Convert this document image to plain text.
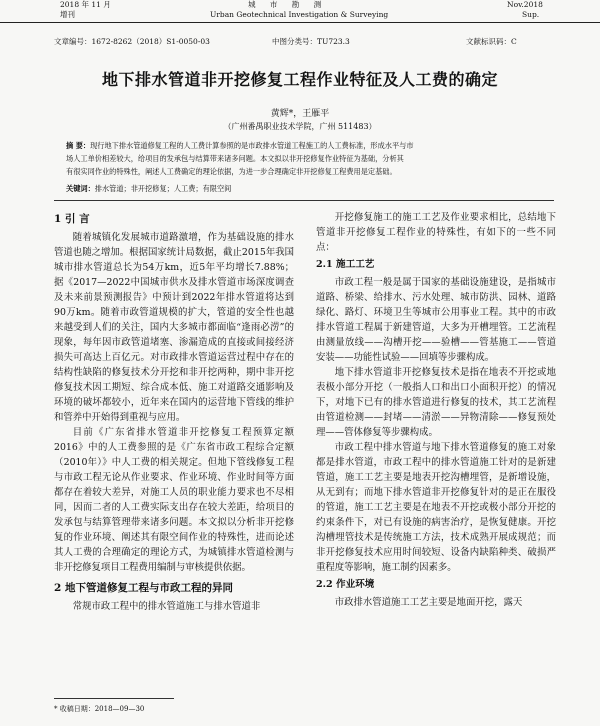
2018 年 11 月
增刊
城 市 勘 测
Urban Geotechnical Investigation & Surveying
Nov.2018
Sup.
文章编号：1672-8262（2018）S1-0050-03	中图分类号：TU723.3	文献标识码：C
地下排水管道非开挖修复工程作业特征及人工费的确定
黄辉*，王雁平
（广州番禺职业技术学院，广州 511483）
摘 要：现行地下排水管道修复工程的人工费计算参照的是市政排水管道工程施工的人工费标准，形成水平与市
场人工单价相差较大，给项目的发承包与结算带来诸多问题。本文拟以非开挖修复作业特征为基础，分析其
有很实同作业的特殊性，阐述人工费确定的理论依据，为进一步合理确定非开挖修复工程费用是定基础。
关键词：排水管道；非开挖修复；人工费；有限空间
1 引 言

随着城镇化发展城市道路激增，作为基础设施的排水管道也随之增加。根据国家统计局数据，截止2015年我国城市排水管道总长为54万km，近5年平均增长7.88%；据《2017—2022中国城市供水及排水管道市场深度调查及未来前景预测报告》中预计到2022年排水管道将达到90万km。随着市政管道规模的扩大，管道的安全性也越来越受到人们的关注，国内大多城市都面临“逢雨必涝”的现象，每年因市政管道堵塞、渗漏造成的直接或间接经济损失可高达上百亿元。对市政排水管道运营过程中存在的结构性缺陷的修复技术分开挖和非开挖两种，期中非开挖修复技术因工期短、综合成本低、施工对道路交通影响及环境的破坏都较小，近年来在国内的运营地下管线的维护和管养中开始得到重视与应用。

目前《广东省排水管道非开挖修复工程预算定额2016》中的人工费参照的是《广东省市政工程综合定额（2010年）》中人工费的相关规定。但地下管线修复工程与市政工程无论从作业要求、作业环境、作业时间等方面都存在着较大差异，对施工人员的职业能力要求也不尽相同，因而二者的人工费实际支出存在较大差距，给项目的发承包与结算管理带来诸多问题。本文拟以分析非开挖修复的作业环境、阐述其有限空间作业的特殊性，进而论述其人工费的合理确定的理论方式，为城镇排水管道检测与非开挖修复项目工程费用编制与审核提供依据。

2 地下管道修复工程与市政工程的异同

常规市政工程中的排水管道施工与排水管道非

开挖修复施工的施工工艺及作业要求相比，总结地下管道非开挖修复工程作业的特殊性，有如下的一些不同点：

2.1 施工工艺

市政工程一般是属于国家的基础设施建设，是指城市道路、桥梁、给排水、污水处理、城市防洪、园林、道路绿化、路灯、环境卫生等城市公用事业工程。其中的市政排水管道工程属于新建管道，大多为开槽埋管。工艺流程由测量放线——沟槽开挖——验槽——管基施工——管道安装——功能性试验——回填等步骤构成。

地下排水管道非开挖修复技术是指在地表不开挖或地表极小部分开挖（一般指人口和出口小面积开挖）的情况下，对地下已有的排水管道进行修复的技术，其工艺流程由管道检测——封堵——清淤——异物清除——修复预处理——管体修复等步骤构成。

市政工程中排水管道与地下排水管道修复的施工对象都是排水管道，市政工程中的排水管道施工针对的是新建管道，施工工艺主要是地表开挖沟槽埋管，是新增设施，从无到有；而地下排水管道非开挖修复针对的是正在服役的管道，施工工艺主要是在地表不开挖或极小部分开挖的约束条件下，对已有设施的病害治疗，是恢复健康。开挖沟槽埋管技术是传统施工方法，技术成熟开展成规范；而非开挖修复技术应用时间较短、设备内缺陷种类、破损严重程度等影响，施工制约因素多。

2.2 作业环境

市政排水管道施工工艺主要是地面开挖，露天

* 收稿日期：2018—09—30
